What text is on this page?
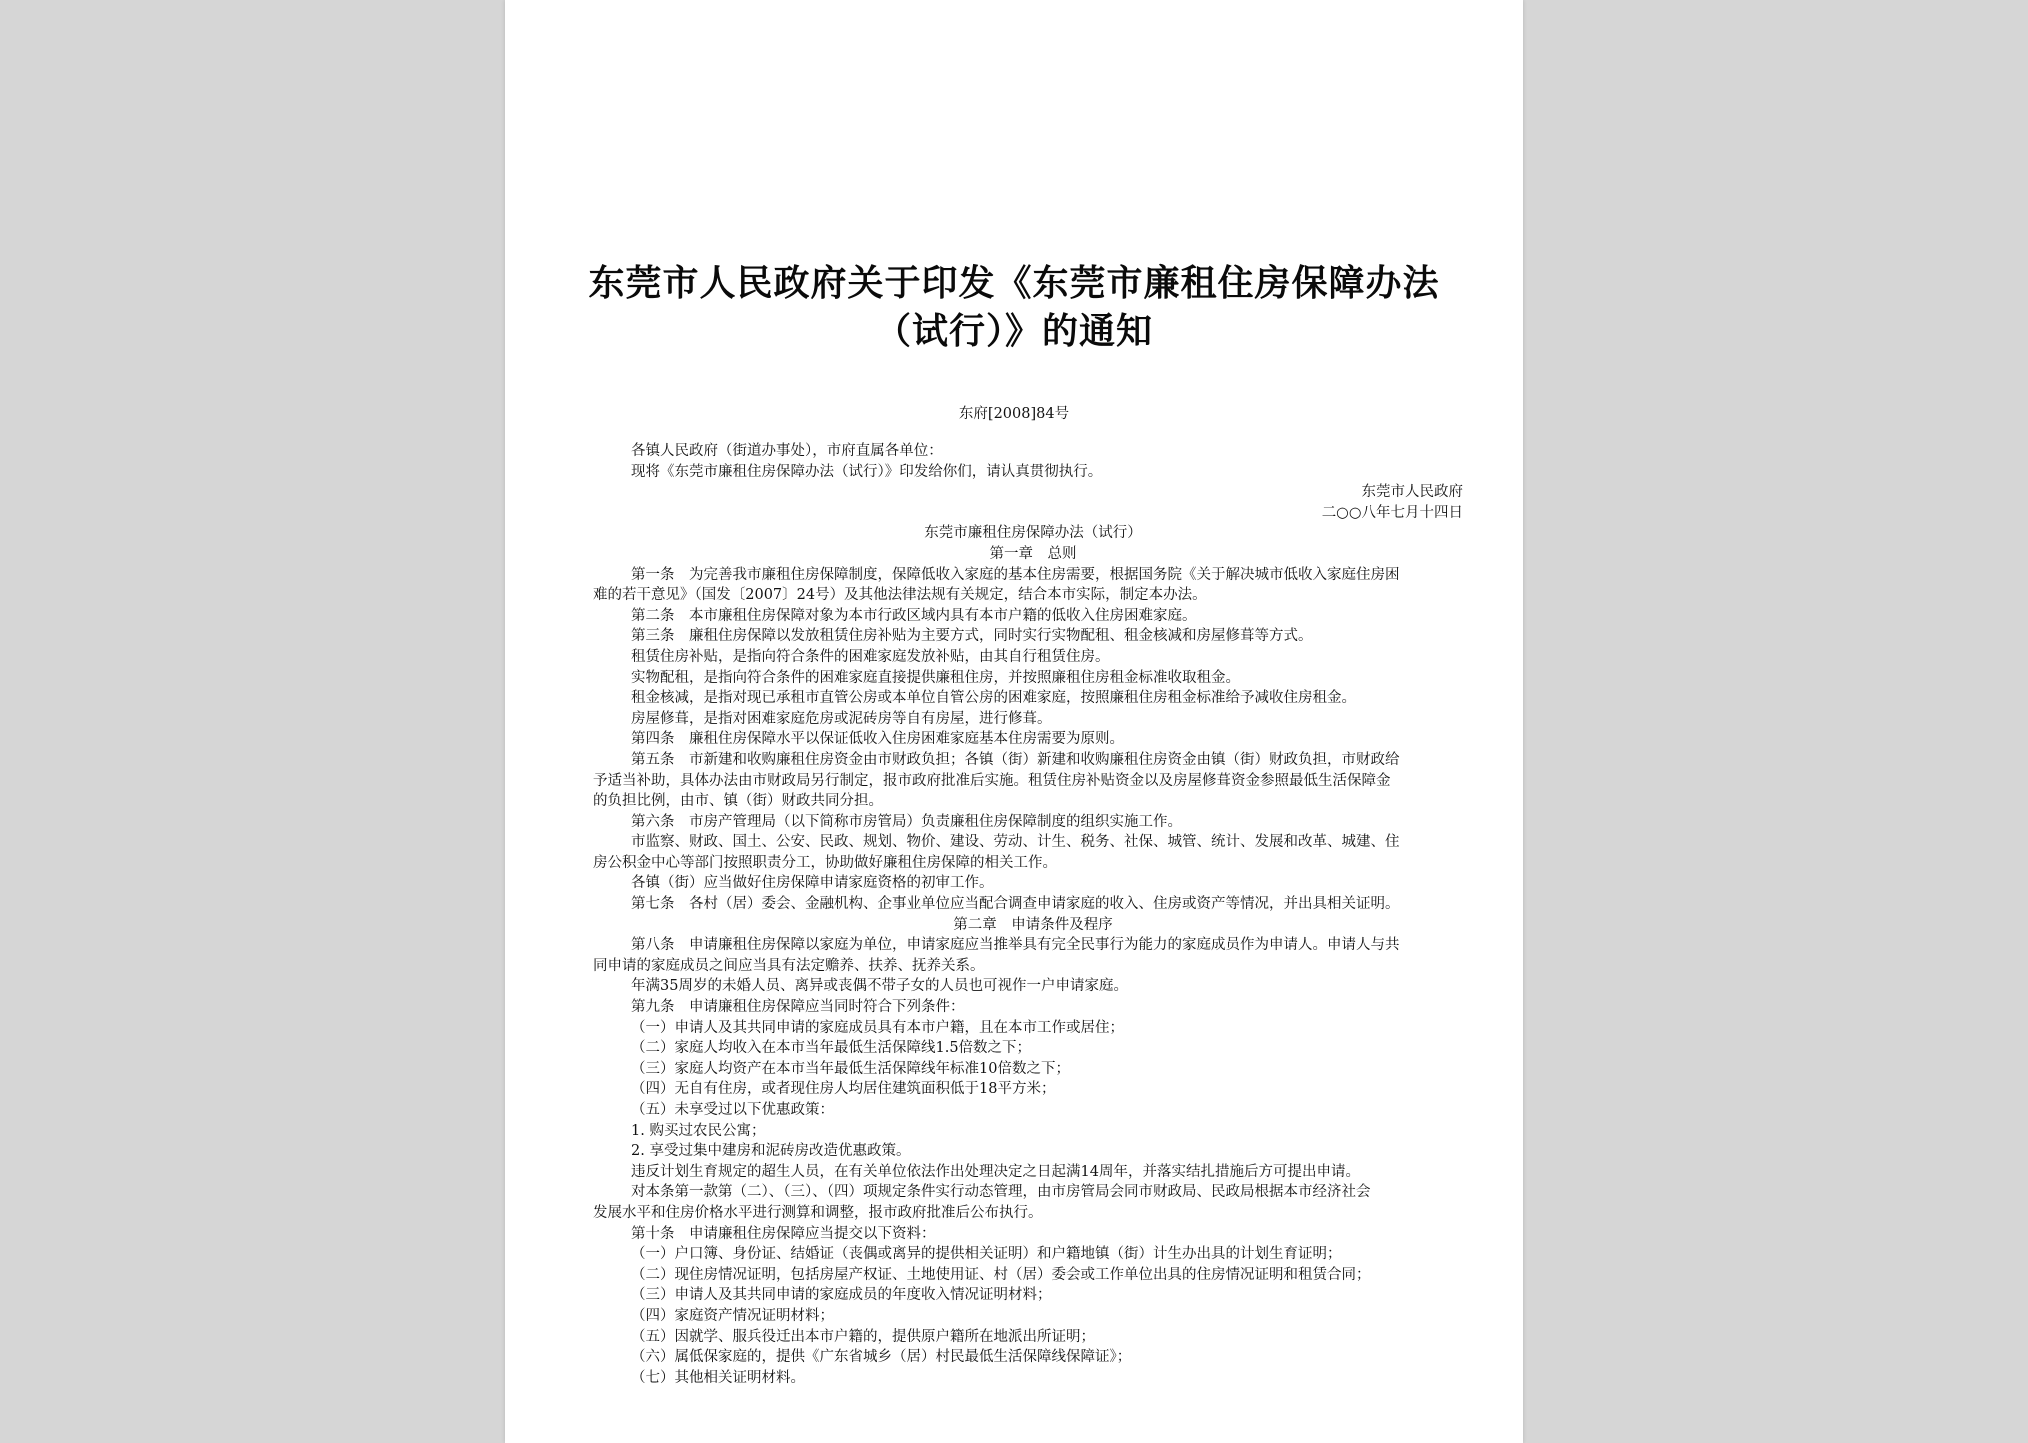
东莞市人民政府关于印发《东莞市廉租住房保障办法
（试行）》的通知
东府[2008]84号
各镇人民政府（街道办事处），市府直属各单位：
现将《东莞市廉租住房保障办法（试行）》印发给你们，请认真贯彻执行。
东莞市人民政府
二○○八年七月十四日
东莞市廉租住房保障办法（试行）
第一章　总则
第一条　为完善我市廉租住房保障制度，保障低收入家庭的基本住房需要，根据国务院《关于解决城市低收入家庭住房困
难的若干意见》（国发〔2007〕24号）及其他法律法规有关规定，结合本市实际，制定本办法。
第二条　本市廉租住房保障对象为本市行政区域内具有本市户籍的低收入住房困难家庭。
第三条　廉租住房保障以发放租赁住房补贴为主要方式，同时实行实物配租、租金核减和房屋修葺等方式。
租赁住房补贴，是指向符合条件的困难家庭发放补贴，由其自行租赁住房。
实物配租，是指向符合条件的困难家庭直接提供廉租住房，并按照廉租住房租金标准收取租金。
租金核减，是指对现已承租市直管公房或本单位自管公房的困难家庭，按照廉租住房租金标准给予减收住房租金。
房屋修葺，是指对困难家庭危房或泥砖房等自有房屋，进行修葺。
第四条　廉租住房保障水平以保证低收入住房困难家庭基本住房需要为原则。
第五条　市新建和收购廉租住房资金由市财政负担；各镇（街）新建和收购廉租住房资金由镇（街）财政负担，市财政给
予适当补助，具体办法由市财政局另行制定，报市政府批准后实施。租赁住房补贴资金以及房屋修葺资金参照最低生活保障金
的负担比例，由市、镇（街）财政共同分担。
第六条　市房产管理局（以下简称市房管局）负责廉租住房保障制度的组织实施工作。
市监察、财政、国土、公安、民政、规划、物价、建设、劳动、计生、税务、社保、城管、统计、发展和改革、城建、住
房公积金中心等部门按照职责分工，协助做好廉租住房保障的相关工作。
各镇（街）应当做好住房保障申请家庭资格的初审工作。
第七条　各村（居）委会、金融机构、企事业单位应当配合调查申请家庭的收入、住房或资产等情况，并出具相关证明。
第二章　申请条件及程序
第八条　申请廉租住房保障以家庭为单位，申请家庭应当推举具有完全民事行为能力的家庭成员作为申请人。申请人与共
同申请的家庭成员之间应当具有法定赡养、扶养、抚养关系。
年满35周岁的未婚人员、离异或丧偶不带子女的人员也可视作一户申请家庭。
第九条　申请廉租住房保障应当同时符合下列条件：
（一）申请人及其共同申请的家庭成员具有本市户籍，且在本市工作或居住；
（二）家庭人均收入在本市当年最低生活保障线1.5倍数之下；
（三）家庭人均资产在本市当年最低生活保障线年标准10倍数之下；
（四）无自有住房，或者现住房人均居住建筑面积低于18平方米；
（五）未享受过以下优惠政策：
1. 购买过农民公寓；
2. 享受过集中建房和泥砖房改造优惠政策。
违反计划生育规定的超生人员，在有关单位依法作出处理决定之日起满14周年，并落实结扎措施后方可提出申请。
对本条第一款第（二）、（三）、（四）项规定条件实行动态管理，由市房管局会同市财政局、民政局根据本市经济社会
发展水平和住房价格水平进行测算和调整，报市政府批准后公布执行。
第十条　申请廉租住房保障应当提交以下资料：
（一）户口簿、身份证、结婚证（丧偶或离异的提供相关证明）和户籍地镇（街）计生办出具的计划生育证明；
（二）现住房情况证明，包括房屋产权证、土地使用证、村（居）委会或工作单位出具的住房情况证明和租赁合同；
（三）申请人及其共同申请的家庭成员的年度收入情况证明材料；
（四）家庭资产情况证明材料；
（五）因就学、服兵役迁出本市户籍的，提供原户籍所在地派出所证明；
（六）属低保家庭的，提供《广东省城乡（居）村民最低生活保障线保障证》；
（七）其他相关证明材料。
